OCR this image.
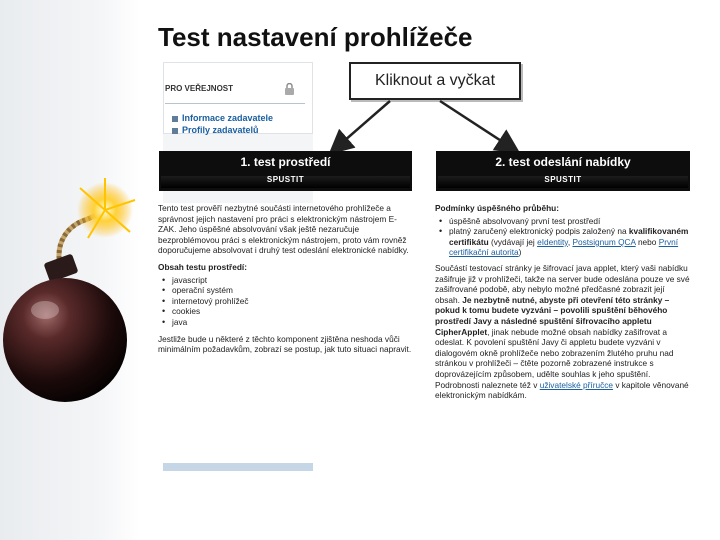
Test nastavení prohlížeče
Kliknout a vyčkat
PRO VEŘEJNOST
Informace zadavatele
Profily zadavatelů
1. test prostředí
SPUSTIT

Tento test prověří nezbytné součásti internetového prohlížeče a správnost jejich nastavení pro práci s elektronickým nástrojem E-ZAK. Jeho úspěšné absolvování však ještě nezaručuje bezproblémovou práci s elektronickým nástrojem, proto vám rovněž doporučujeme absolvovat i druhý test odeslání elektronické nabídky.

Obsah testu prostředí:

• javascript
• operační systém
• internetový prohlížeč
• cookies
• java

Jestliže bude u některé z těchto komponent zjištěna neshoda vůči minimálním požadavkům, zobrazí se postup, jak tuto situaci napravit.

2. test odeslání nabídky
SPUSTIT

Podmínky úspěšného průběhu:

• úspěšně absolvovaný první test prostředí
• platný zaručený elektronický podpis založený na kvalifikovaném certifikátu (vydávají jej eIdentity, Postsignum QCA nebo První certifikační autorita)

Součástí testovací stránky je šifrovací java applet, který vaši nabídku zašifruje již v prohlížeči, takže na server bude odeslána pouze ve své zašifrované podobě, aby nebylo možné předčasné zobrazit její obsah. Je nezbytně nutné, abyste při otevření této stránky – pokud k tomu budete vyzváni – povolili spuštění běhového prostředí Javy a následné spuštění šifrovacího appletu CipherApplet, jinak nebude možné obsah nabídky zašifrovat a odeslat. K povolení spuštění Javy či appletu budete vyzváni v dialogovém okně prohlížeče nebo zobrazením žlutého pruhu nad stránkou v prohlížeči – čtěte pozorně zobrazené instrukce s doprovázejícím způsobem, udělte souhlas k jeho spuštění. Podrobnosti naleznete též v uživatelské příručce v kapitole věnované elektronickým nabídkám.
